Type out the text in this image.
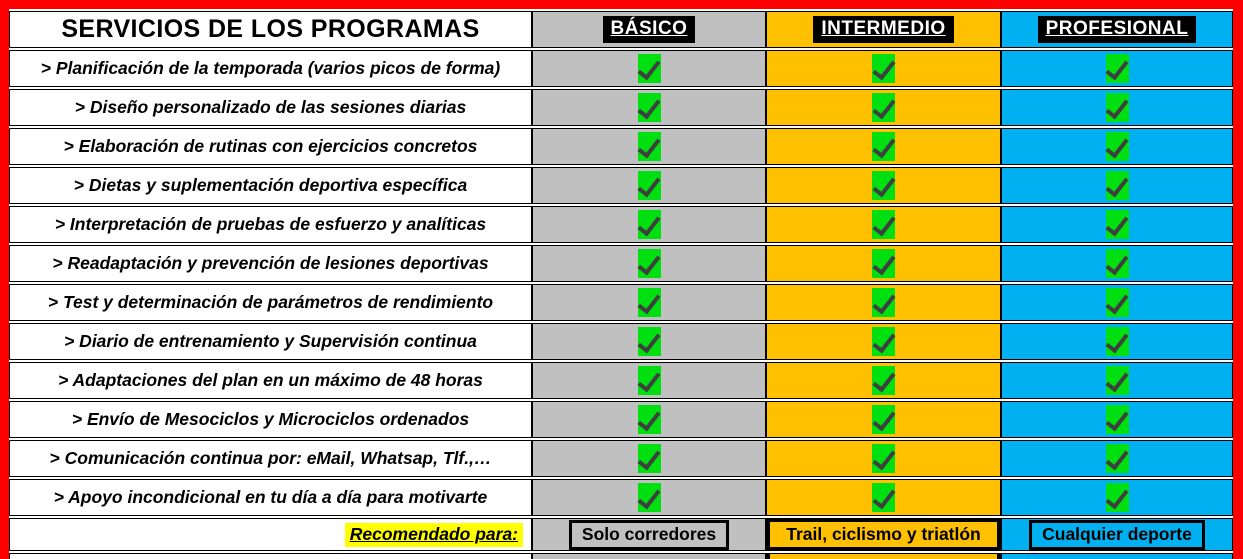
SERVICIOS DE LOS PROGRAMAS	BÁSICO	INTERMEDIO	PROFESIONAL
> Planificación de la temporada (varios picos de forma)			
> Diseño personalizado de las sesiones diarias			
> Elaboración de rutinas con ejercicios concretos			
> Dietas y suplementación deportiva específica			
> Interpretación de pruebas de esfuerzo y analíticas			
> Readaptación y prevención de lesiones deportivas			
> Test y determinación de parámetros de rendimiento			
> Diario de entrenamiento y Supervisión continua			
> Adaptaciones del plan en un máximo de 48 horas			
> Envío de Mesociclos y Microciclos ordenados			
> Comunicación continua por: eMail, Whatsap, Tlf.,…			
> Apoyo incondicional en tu día a día para motivarte			
Recomendado para:	Solo corredores	Trail, ciclismo y triatlón	Cualquier deporte
